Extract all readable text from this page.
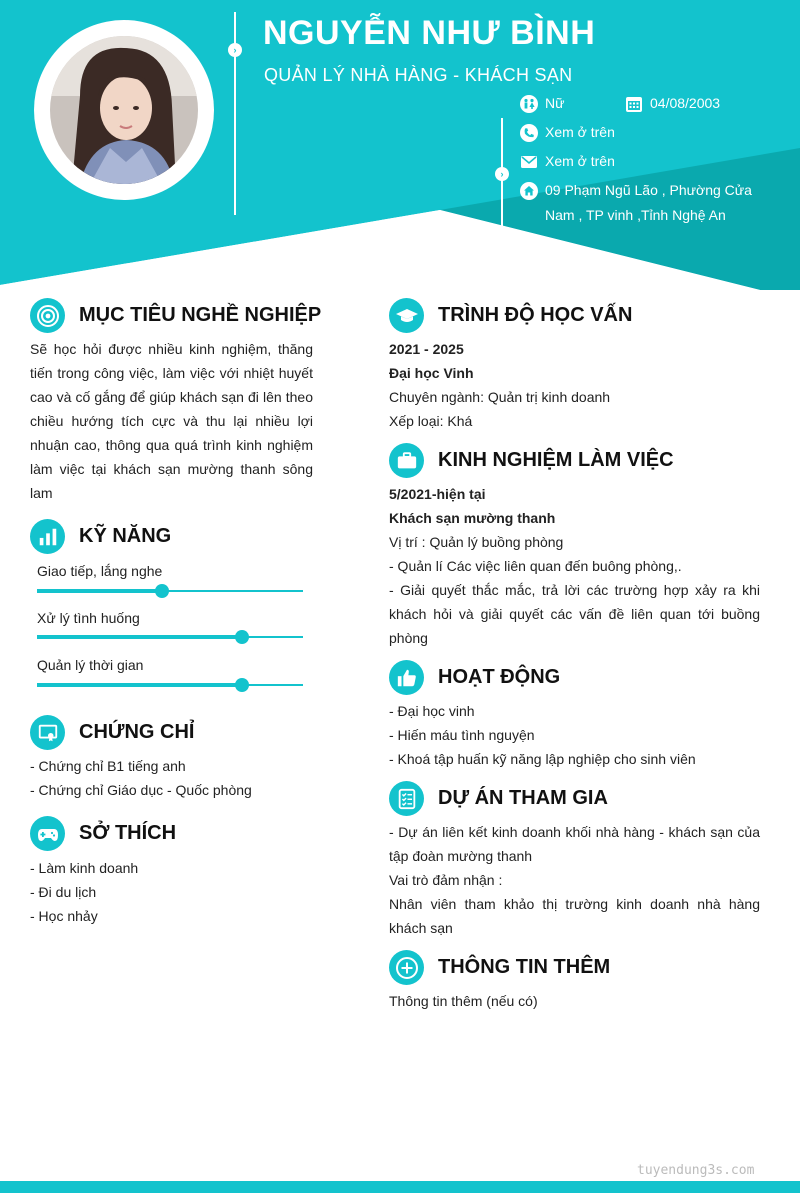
›
›
NGUYỄN NHƯ BÌNH
QUẢN LÝ NHÀ HÀNG - KHÁCH SẠN
Nữ	04/08/2003
Xem ở trên
Xem ở trên
09 Phạm Ngũ Lão , Phường Cửa
Nam , TP vinh ,Tỉnh Nghệ An
MỤC TIÊU NGHỀ NGHIỆP
Sẽ học hỏi được nhiều kinh nghiệm, thăng tiến trong công việc, làm việc với nhiệt huyết cao và cố gắng để giúp khách sạn đi lên theo chiều hướng tích cực và thu lại nhiều lợi nhuận cao, thông qua quá trình kinh nghiệm làm việc tại khách sạn mường thanh sông lam
KỸ NĂNG
Giao tiếp, lắng nghe
Xử lý tình huống
Quản lý thời gian
CHỨNG CHỈ
- Chứng chỉ B1 tiếng anh
- Chứng chỉ Giáo dục - Quốc phòng
SỞ THÍCH
- Làm kinh doanh
- Đi du lịch
- Học nhảy
TRÌNH ĐỘ HỌC VẤN
2021 - 2025
Đại học Vinh
Chuyên ngành: Quản trị kinh doanh
Xếp loại: Khá
KINH NGHIỆM LÀM VIỆC
5/2021-hiện tại
Khách sạn mường thanh
Vị trí : Quản lý buồng phòng
- Quản lí Các việc liên quan đến buông phòng,.
- Giải quyết thắc mắc, trả lời các trường hợp xảy ra khi khách hỏi và giải quyết các vấn đề liên quan tới buồng phòng
HOẠT ĐỘNG
- Đại học vinh
- Hiến máu tình nguyện
- Khoá tập huấn kỹ năng lập nghiệp cho sinh viên
DỰ ÁN THAM GIA
- Dự án liên kết kinh doanh khối nhà hàng - khách sạn của tập đoàn mường thanh
Vai trò đảm nhận :
Nhân viên tham khảo thị trường kinh doanh nhà hàng khách sạn
THÔNG TIN THÊM
Thông tin thêm (nếu có)
tuyendung3s.com
